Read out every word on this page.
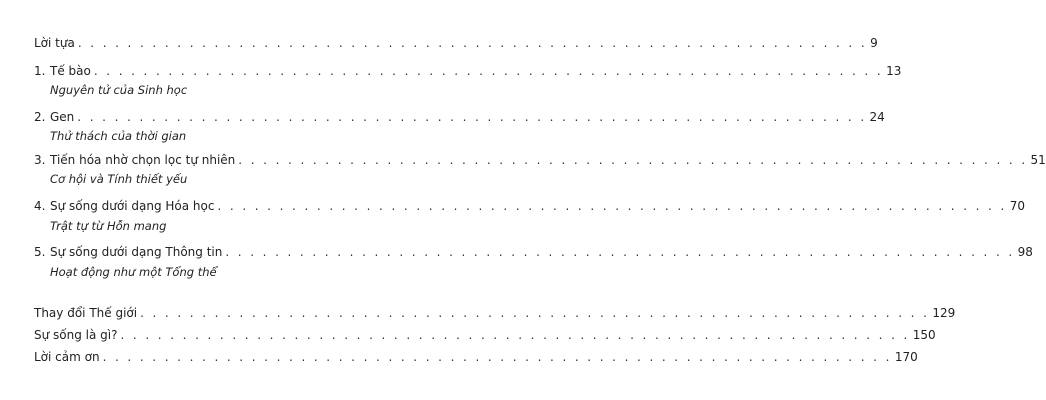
Lời tựa . . . . . . . . . . . . . . . . . . . . . . . . . . . . . . . . . . . . . . . . . . . . . . . . . . . . . . . . . . . . . . . . 9
1. Tế bào . . . . . . . . . . . . . . . . . . . . . . . . . . . . . . . . . . . . . . . . . . . . . . . . . . . . . . . . . . . . . . . . 13
Nguyên tử của Sinh học
2. Gen . . . . . . . . . . . . . . . . . . . . . . . . . . . . . . . . . . . . . . . . . . . . . . . . . . . . . . . . . . . . . . . . 24
Thử thách của thời gian
3. Tiến hóa nhờ chọn lọc tự nhiên . . . . . . . . . . . . . . . . . . . . . . . . . . . . . . . . . . . . . . . . . . . . . . . . . . . . . . . . . . . . . . . . 51
Cơ hội và Tính thiết yếu
4. Sự sống dưới dạng Hóa học . . . . . . . . . . . . . . . . . . . . . . . . . . . . . . . . . . . . . . . . . . . . . . . . . . . . . . . . . . . . . . . . 70
Trật tự từ Hỗn mang
5. Sự sống dưới dạng Thông tin . . . . . . . . . . . . . . . . . . . . . . . . . . . . . . . . . . . . . . . . . . . . . . . . . . . . . . . . . . . . . . . . 98
Hoạt động như một Tổng thể
Thay đổi Thế giới . . . . . . . . . . . . . . . . . . . . . . . . . . . . . . . . . . . . . . . . . . . . . . . . . . . . . . . . . . . . . . . . 129
Sự sống là gì? . . . . . . . . . . . . . . . . . . . . . . . . . . . . . . . . . . . . . . . . . . . . . . . . . . . . . . . . . . . . . . . . 150
Lời cảm ơn . . . . . . . . . . . . . . . . . . . . . . . . . . . . . . . . . . . . . . . . . . . . . . . . . . . . . . . . . . . . . . . . 170
